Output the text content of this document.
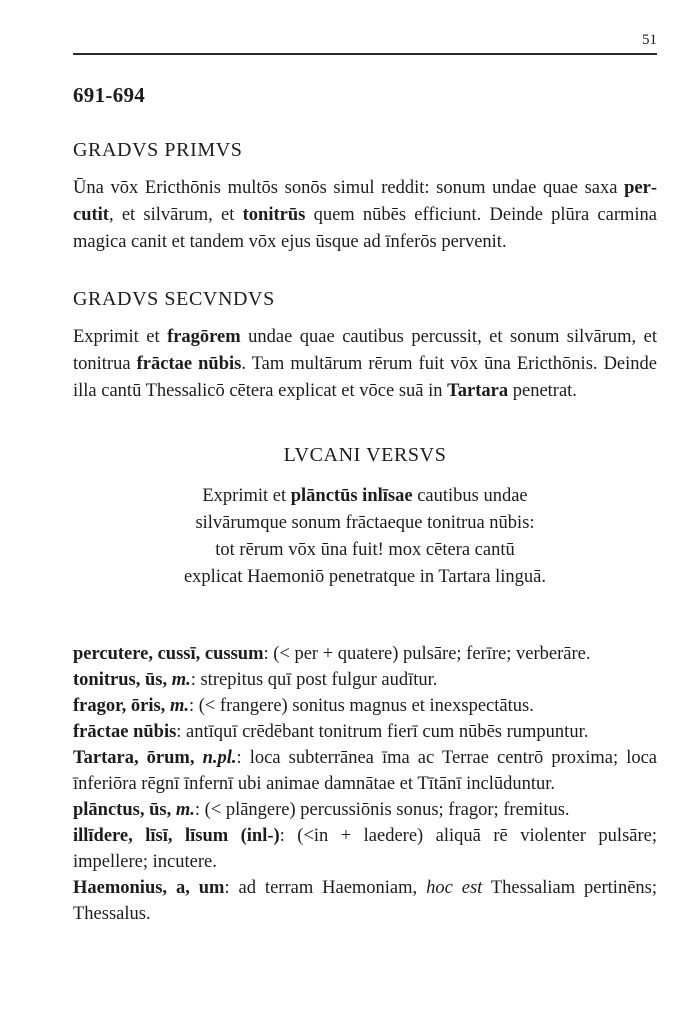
51
691-694
GRADVS PRIMVS

Ūna vōx Ericthōnis multōs sonōs simul reddit: sonum undae quae saxa percutit, et silvārum, et tonitrūs quem nūbēs efficiunt. Deinde plūra carmina magica canit et tandem vōx ejus ūsque ad īnferōs pervenit.

GRADVS SECVNDVS

Exprimit et fragōrem undae quae cautibus percussit, et sonum silvārum, et tonitrua frāctae nūbis. Tam multārum rērum fuit vōx ūna Ericthōnis. Deinde illa cantū Thessalicō cētera explicat et vōce suā in Tartara penetrat.

LVCANI VERSVS
Exprimit et plānctūs inlīsae cautibus undae
silvārumque sonum frāctaeque tonitrua nūbis:
tot rērum vōx ūna fuit! mox cētera cantū
explicat Haemoniō penetratque in Tartara linguā.

percutere, cussī, cussum: (< per + quatere) pulsāre; ferīre; verberāre.

tonitrus, ūs, m.: strepitus quī post fulgur audītur.

fragor, ōris, m.: (< frangere) sonitus magnus et inexspectātus.

frāctae nūbis: antīquī crēdēbant tonitrum fierī cum nūbēs rumpuntur.

Tartara, ōrum, n.pl.: loca subterrānea īma ac Terrae centrō proxima; loca īnferiōra rēgnī īnfernī ubi animae damnātae et Tītānī inclūduntur.

plānctus, ūs, m.: (< plāngere) percussiōnis sonus; fragor; fremitus.

illīdere, līsī, līsum (inl-): (<in + laedere) aliquā rē violenter pulsāre; impellere; incutere.

Haemonius, a, um: ad terram Haemoniam, hoc est Thessaliam pertinēns; Thessalus.
